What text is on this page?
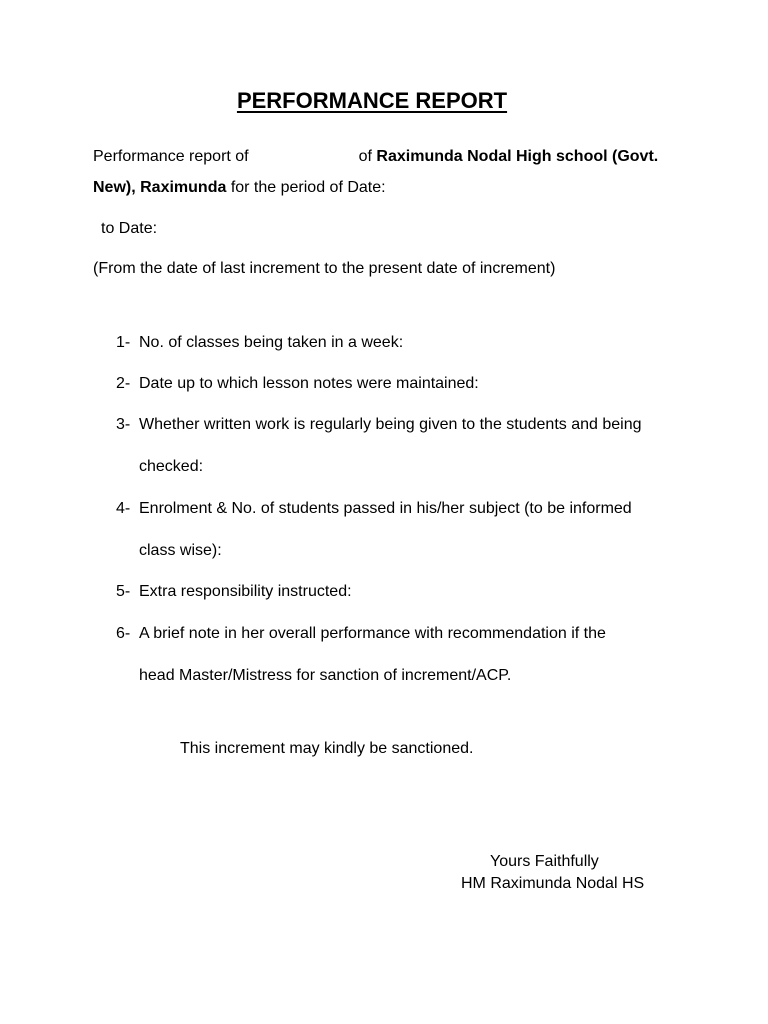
PERFORMANCE REPORT
Performance report of	of Raximunda Nodal High school (Govt.
New), Raximunda for the period of Date:
to Date:
(From the date of last increment to the present date of increment)
1- No. of classes being taken in a week:
2- Date up to which lesson notes were maintained:
3- Whether written work is regularly being given to the students and being
checked:
4- Enrolment & No. of students passed in his/her subject (to be informed
class wise):
5- Extra responsibility instructed:
6- A brief note in her overall performance with recommendation if the
head Master/Mistress for sanction of increment/ACP.
This increment may kindly be sanctioned.
Yours Faithfully
HM Raximunda Nodal HS
